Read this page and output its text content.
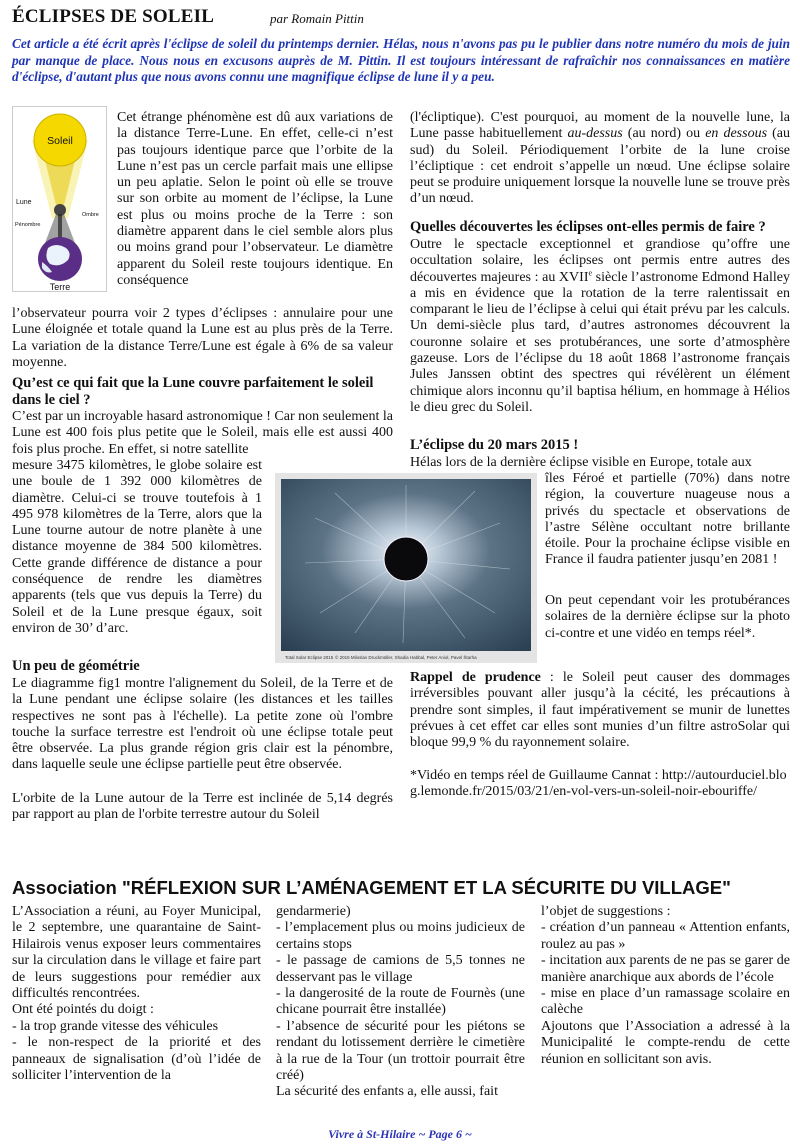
ÉCLIPSES DE SOLEIL	par Romain Pittin

Cet article a été écrit après l'éclipse de soleil du printemps dernier. Hélas, nous n'avons pas pu le publier dans notre numéro du mois de juin par manque de place. Nous nous en excusons auprès de M. Pittin. Il est toujours intéressant de rafraîchir nos connaissances en matière d'éclipse, d'autant plus que nous avons connu une magnifique éclipse de lune il y a peu.

Soleil
Lune
Pénombre
Ombre
Terre

Cet étrange phénomène est dû aux variations de la distance Terre-Lune. En effet, celle-ci n’est pas toujours identique parce que l’orbite de la Lune n’est pas un cercle parfait mais une ellipse un peu aplatie. Selon le point où elle se trouve sur son orbite au moment de l’éclipse, la Lune est plus ou moins proche de la Terre : son diamètre apparent dans le ciel semble alors plus ou moins grand pour l’observateur. Le diamètre apparent du Soleil reste toujours identique. En conséquence

l’observateur pourra voir 2 types d’éclipses : annulaire pour une Lune éloignée et totale quand la Lune est au plus près de la Terre. La variation de la distance Terre/Lune est égale à 6% de sa valeur moyenne.

Qu’est ce qui fait que la Lune couvre parfaitement le soleil dans le ciel ?

C’est par un incroyable hasard astronomique ! Car non seulement la Lune est 400 fois plus petite que le Soleil, mais elle est aussi 400 fois plus proche. En effet, si notre satellite

mesure 3475 kilomètres, le globe solaire est une boule de 1 392 000 kilomètres de diamètre. Celui-ci se trouve toutefois à 1 495 978 kilomètres de la Terre, alors que la Lune tourne autour de notre planète à une distance moyenne de 384 500 kilomètres. Cette grande différence de distance a pour conséquence de rendre les diamètres apparents (tels que vus depuis la Terre) du Soleil et de la Lune presque égaux, soit environ de 30’ d’arc.

Un peu de géométrie

Le diagramme fig1 montre l'alignement du Soleil, de la Terre et de la Lune pendant une éclipse solaire (les distances et les tailles respectives ne sont pas à l'échelle). La petite zone où l'ombre touche la surface terrestre est l'endroit où une éclipse totale peut être observée. La plus grande région gris clair est la pénombre, dans laquelle seule une éclipse partielle peut être observée.

L'orbite de la Lune autour de la Terre est inclinée de 5,14 degrés par rapport au plan de l'orbite terrestre autour du Soleil

(l'écliptique). C'est pourquoi, au moment de la nouvelle lune, la Lune passe habituellement au-dessus (au nord) ou en dessous (au sud) du Soleil. Périodiquement l’orbite de la lune croise l’écliptique : cet endroit s’appelle un nœud. Une éclipse solaire peut se produire uniquement lorsque la nouvelle lune se trouve près d’un nœud.

Quelles découvertes les éclipses ont-elles permis de faire ?

Outre le spectacle exceptionnel et grandiose qu’offre une occultation solaire, les éclipses ont permis entre autres des découvertes majeures : au XVIIe siècle l’astronome Edmond Halley a mis en évidence que la rotation de la terre ralentissait en comparant le lieu de l’éclipse à celui qui était prévu par les calculs. Un demi-siècle plus tard, d’autres astronomes découvrent la couronne solaire et ses protubérances, une sorte d’atmosphère gazeuse. Lors de l’éclipse du 18 août 1868 l’astronome français Jules Janssen obtint des spectres qui révélèrent un élément chimique alors inconnu qu’il baptisa hélium, en hommage à Hélios le dieu grec du Soleil.

L’éclipse du 20 mars 2015 !

Hélas lors de la dernière éclipse visible en Europe, totale aux

îles Féroé et partielle (70%) dans notre région, la couverture nuageuse nous a privés du spectacle et observations de l’astre Sélène occultant notre brillante étoile. Pour la prochaine éclipse visible en France il faudra patienter jusqu’en 2081 !

On peut cependant voir les protubérances solaires de la dernière éclipse sur la photo ci-contre et une vidéo en temps réel*.

Rappel de prudence : le Soleil peut causer des dommages irréversibles pouvant aller jusqu’à la cécité, les précautions à prendre sont simples, il faut impérativement se munir de lunettes prévues à cet effet car elles sont munies d’un filtre astroSolar qui bloque 99,9 % du rayonnement solaire.

*Vidéo en temps réel de Guillaume Cannat : http://autourduciel.blog.lemonde.fr/2015/03/21/en-vol-vers-un-soleil-noir-ebouriffe/

Total Solar Eclipse 2015 © 2015 Miloslav Druckmüller, Shadia Habbal, Peter Aniol, Pavel Štarha
Association "RÉFLEXION SUR L’AMÉNAGEMENT ET LA SÉCURITE DU VILLAGE"

L’Association a réuni, au Foyer Municipal, le 2 septembre, une quarantaine de Saint-Hilairois venus exposer leurs commentaires sur la circulation dans le village et faire part de leurs suggestions pour remédier aux difficultés rencontrées.

Ont été pointés du doigt :

- la trop grande vitesse des véhicules

- le non-respect de la priorité et des panneaux de signalisation (d’où l’idée de solliciter l’intervention de la

gendarmerie)

- l’emplacement plus ou moins judicieux de certains stops

- le passage de camions de 5,5 tonnes ne desservant pas le village

- la dangerosité de la route de Fournès (une chicane pourrait être installée)

- l’absence de sécurité pour les piétons se rendant du lotissement derrière le cimetière à la rue de la Tour (un trottoir pourrait être créé)

La sécurité des enfants a, elle aussi, fait

l’objet de suggestions :

- création d’un panneau « Attention enfants, roulez au pas »

- incitation aux parents de ne pas se garer de manière anarchique aux abords de l’école

- mise en place d’un ramassage scolaire en calèche

Ajoutons que l’Association a adressé à la Municipalité le compte-rendu de cette réunion en sollicitant son avis.

Vivre à St-Hilaire ~ Page 6 ~
